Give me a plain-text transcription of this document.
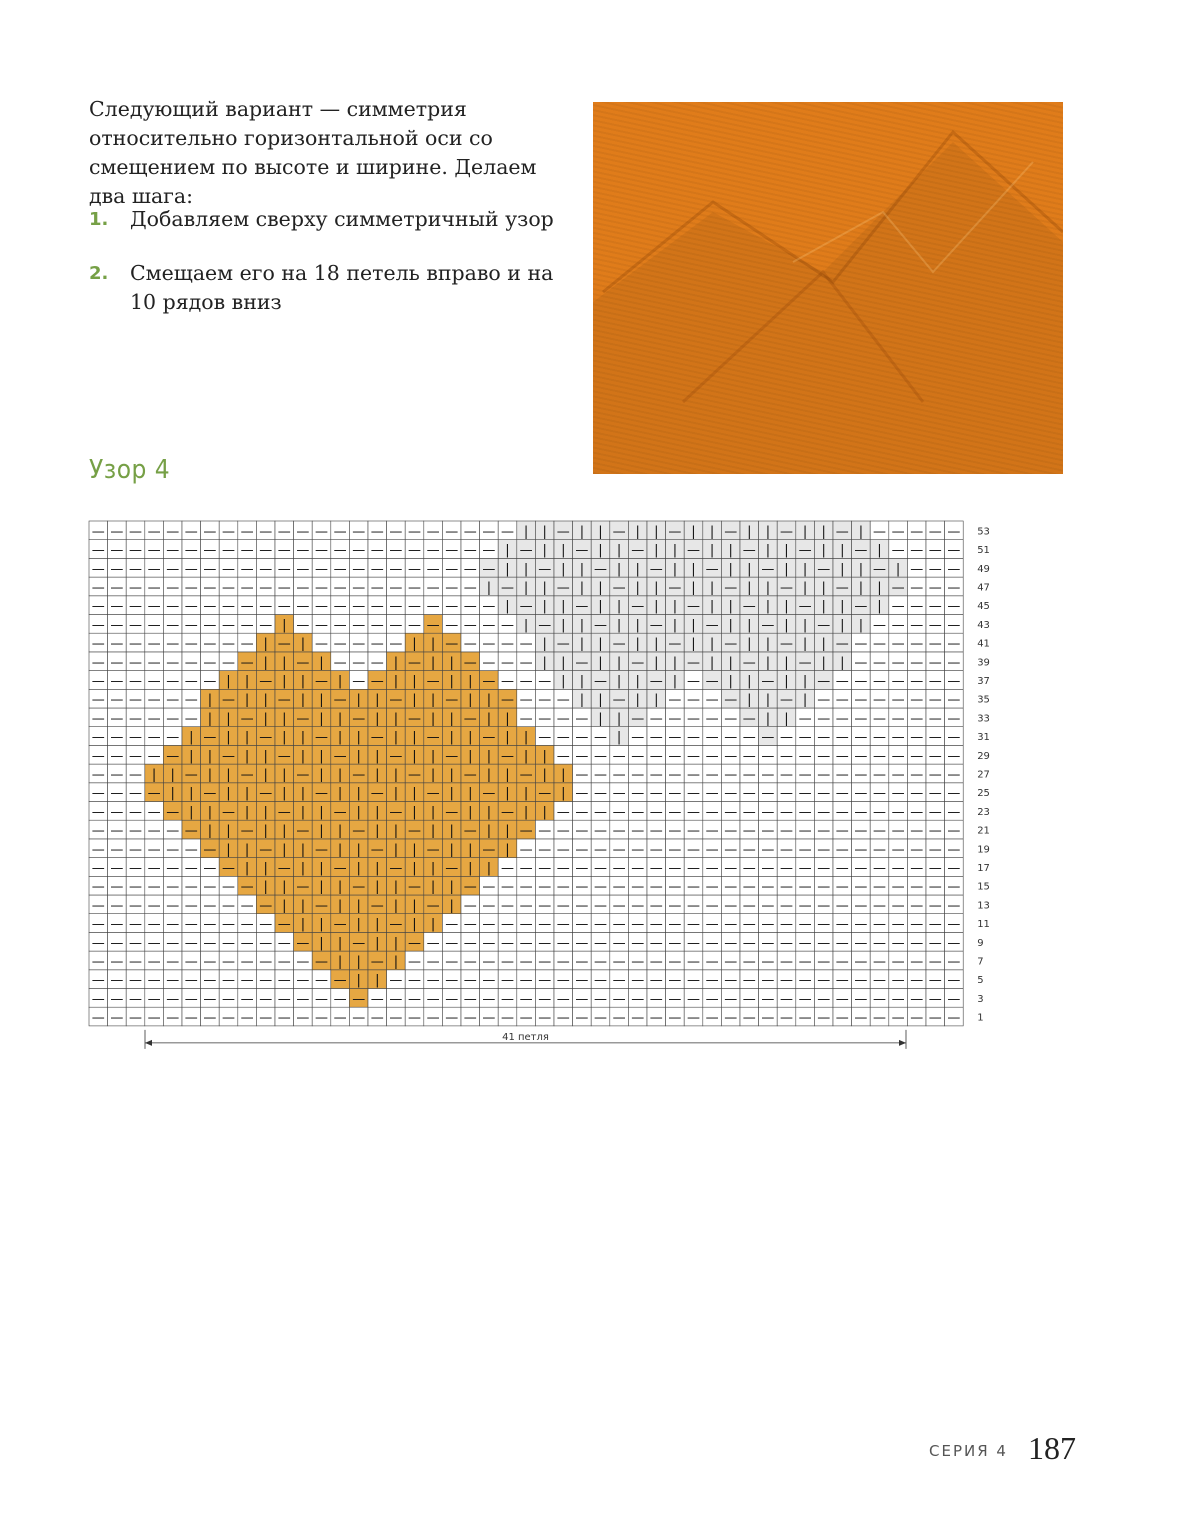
Следующий вариант — симметрия относительно горизонтальной оси со смещением по высоте и ширине. Делаем два шага:

1. Добавляем сверху симметричный узор
2. Смещаем его на 18 петель вправо и на 10 рядов вниз
Узор 4
— — — — — — — — — — — — — — — — — — — — — — — — — — — — — — — — — — — — — — — — — — — — — — —
— — — — — — — — — — — — — — — — — — — — — — — — — — — — — — — — — — — — — — — — — — — — — — —
— — — — — — — — — — — — — — | | — — — — — — — — — — — — — — — — — — — — — — — — — — — — — — —
— — — — — — — — — — — — — | | — | — — — — — — — — — — — — — — — — — — — — — — — — — — — — — —
— — — — — — — — — — — — | | — | | — — — — — — — — — — — — — — — — — — — — — — — — — — — — — —
— — — — — — — — — — — | | — | | — | | — — — — — — — — — — — — — — — — — — — — — — — — — — — —
— — — — — — — — — — | | — | | — | | — | — — — — — — — — — — — — — — — — — — — — — — — — — — —
— — — — — — — — — | | — | | — | | — | | — — — — — — — — — — — — — — — — — — — — — — — — — — —
— — — — — — — — | | — | | — | | — | | — | | — — — — — — — — — — — — — — — — — — — — — — — — —
— — — — — — — | | — | | — | | — | | — | | — | — — — — — — — — — — — — — — — — — — — — — — — —
— — — — — — | | — | | — | | — | | — | | — | | — — — — — — — — — — — — — — — — — — — — — — — —
— — — — — | | — | | — | | — | | — | | — | | — | | — — — — — — — — — — — — — — — — — — — — — —
— — — — | | — | | — | | — | | — | | — | | — | | — | — — — — — — — — — — — — — — — — — — — — —
— — — | | — | | — | | — | | — | | — | | — | | — | | — — — — — — — — — — — — — — — — — — — — —
— — — — — | | — | | — | | — | | — | | — | | — | | — — — — — — — — — — — — — — — — — — — — — —
— — — — — | — | | — | | — | | — | | — | | — | | — — — — | — — — — — — — — — — — — — — — — — —
— — — — — — | | — | | — | | — | | — | | — | | — — — — | | — — — — — — — | | — — — — — — — — —
— — — — — — | — | | — | | — | | — | | — | | — — — — | | — | | — — — — | | — | — — — — — — — —
— — — — — — — | | — | | — | — — | | — | | — — — — | | — | | — | — — | | — | | — — — — — — — —
— — — — — — — — — | | — | — — — | — | | — — — — | | — | | — | | — | | — | | — | | — — — — — —
— — — — — — — — — | — | — — — — — | | — — — — — | — | | — | | — | | — | | — | | — — — — — — —
— — — — — — — — — — | — — — — — — — — — — — — | — | | — | | — | | — | | — | | — | | — — — — —
— — — — — — — — — — — — — — — — — — — — — — | — | | — | | — | | — | | — | | — | | — | — — — —
— — — — — — — — — — — — — — — — — — — — — | — | | — | | — | | — | | — | | — | | — | | — — — —
— — — — — — — — — — — — — — — — — — — — — — | | — | | — | | — | | — | | — | | — | | — | — — —
— — — — — — — — — — — — — — — — — — — — — — | — | | — | | — | | — | | — | | — | | — | — — — —
— — — — — — — — — — — — — — — — — — — — — — — | | — | | — | | — | | — | | — | | — | — — — — —
1
3
5
7
9
11
13
15
17
19
21
23
25
27
29
31
33
35
37
39
41
43
45
47
49
51
53
41 петля
СЕРИЯ 4 187
